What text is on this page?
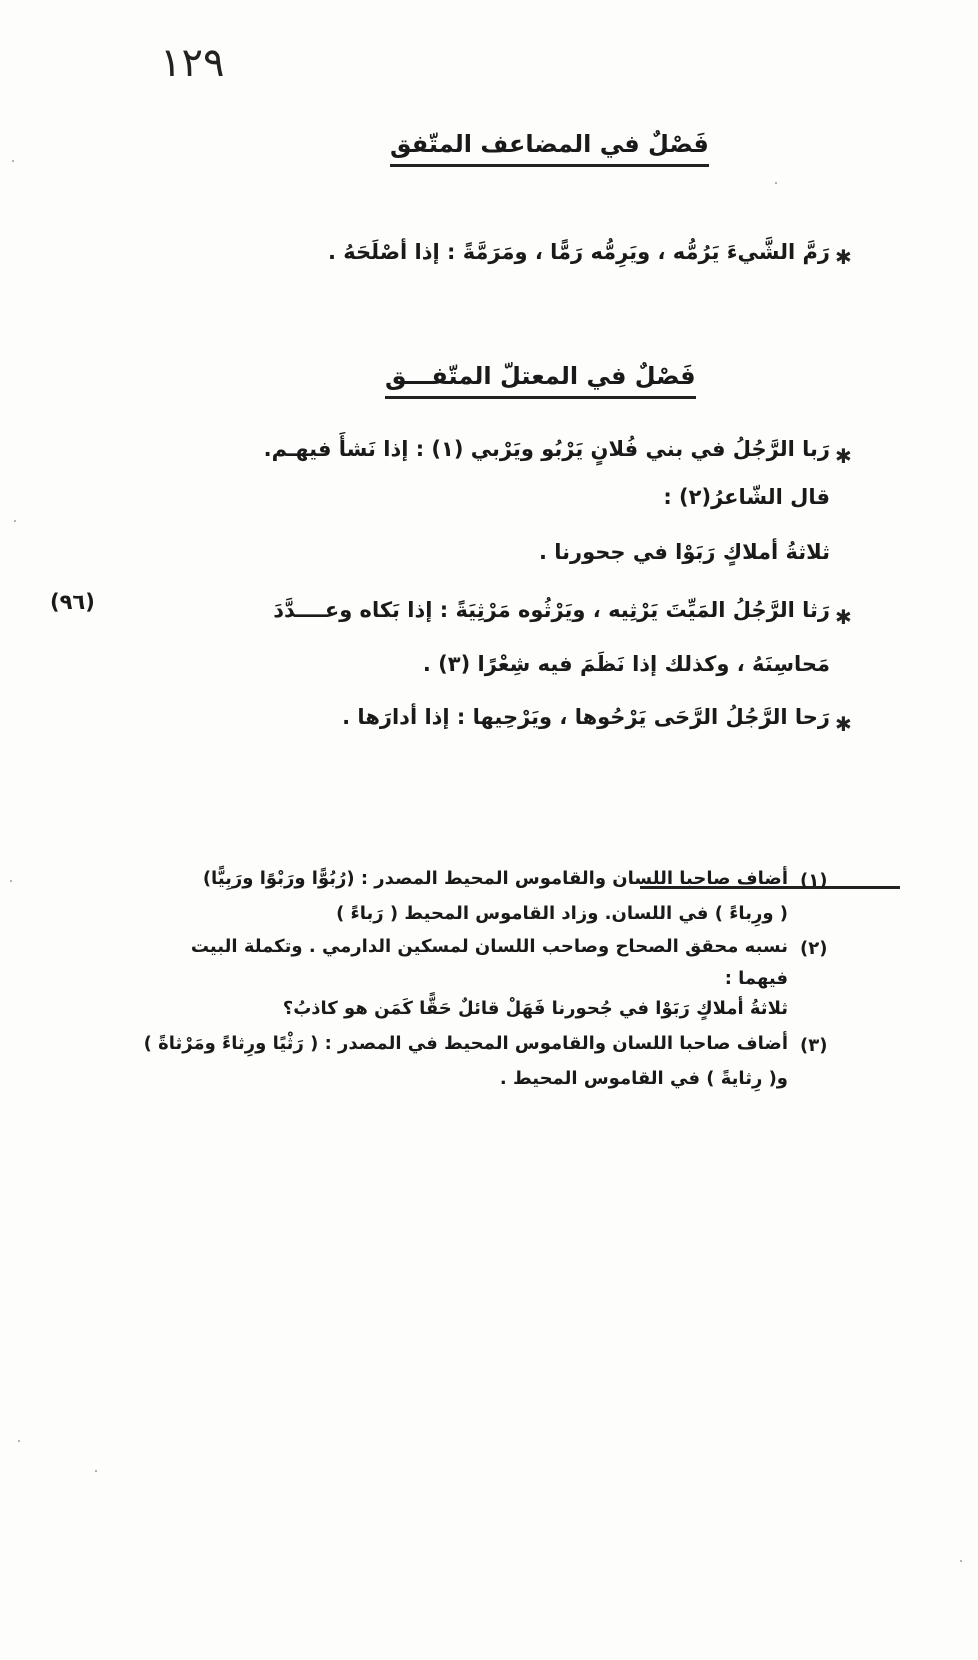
١٢٩
فَصْلٌ في المضاعف المتّفق
✱
رَمَّ الشَّيءَ يَرُمُّه ، ويَرِمُّه رَمًّا ، ومَرَمَّةً : إذا أصْلَحَهُ .
فَصْلٌ في المعتلّ المتّفـــق
✱
رَبا الرَّجُلُ في بني فُلانٍ يَرْبُو ويَرْبي (١) : إذا نَشأَ فيهـم.
قال الشّاعرُ(٢) :
ثلاثةُ أملاكٍ رَبَوْا في جحورنا .
(٩٦)
✱
رَثا الرَّجُلُ المَيِّتَ يَرْثِيه ، ويَرْثُوه مَرْثِيَةً : إذا بَكاه وعــــدَّدَ
مَحاسِنَهُ ، وكذلك إذا نَظَمَ فيه شِعْرًا (٣) .
✱
رَحا الرَّجُلُ الرَّحَى يَرْحُوها ، ويَرْحِيها : إذا أدارَها .
(١)
أضاف صاحبا اللسان والقاموس المحيط المصدر : (رُبُوًّا ورَبْوًا ورَبِيًّا)
( ورِباءً ) في اللسان. وزاد القاموس المحيط ( رَباءً )
(٢)
نسبه محقق الصحاح وصاحب اللسان لمسكين الدارمي . وتكملة البيت
فيهما :
ثلاثةُ أملاكٍ رَبَوْا في جُحورنا فَهَلْ قائلٌ حَقًّا كَمَن هو كاذبُ؟
(٣)
أضاف صاحبا اللسان والقاموس المحيط في المصدر : ( رَثْيًا ورِثاءً ومَرْثاةً )
و( رِثايةً ) في القاموس المحيط .
